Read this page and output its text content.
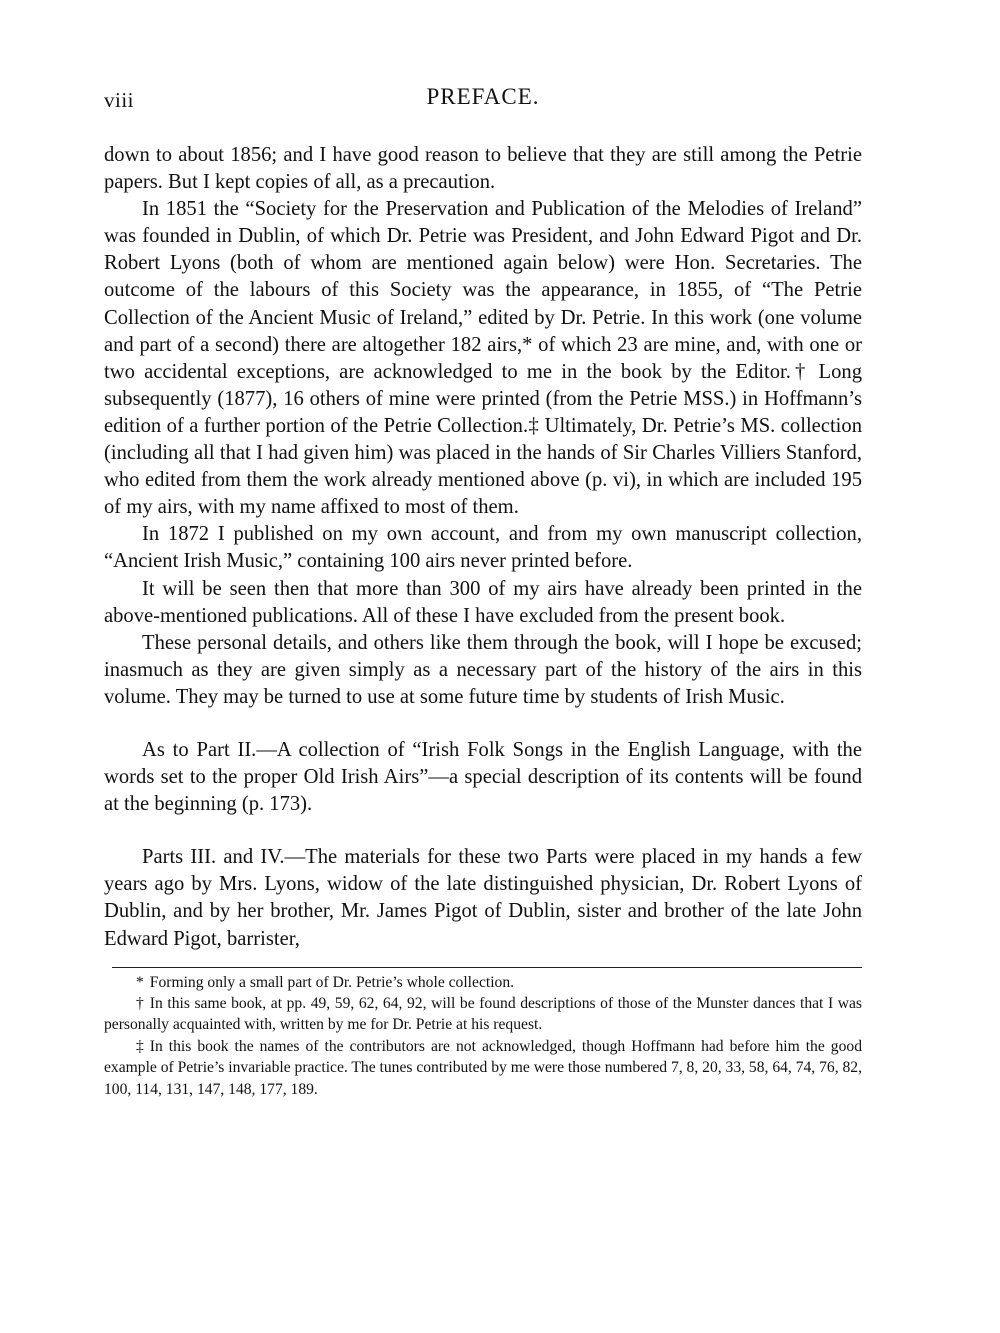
viii	PREFACE.

down to about 1856; and I have good reason to believe that they are still among the Petrie papers. But I kept copies of all, as a precaution.

In 1851 the “Society for the Preservation and Publication of the Melodies of Ireland” was founded in Dublin, of which Dr. Petrie was President, and John Edward Pigot and Dr. Robert Lyons (both of whom are mentioned again below) were Hon. Secretaries. The outcome of the labours of this Society was the appearance, in 1855, of “The Petrie Collection of the Ancient Music of Ireland,” edited by Dr. Petrie. In this work (one volume and part of a second) there are altogether 182 airs,* of which 23 are mine, and, with one or two accidental exceptions, are acknowledged to me in the book by the Editor.† Long subsequently (1877), 16 others of mine were printed (from the Petrie MSS.) in Hoffmann’s edition of a further portion of the Petrie Collection.‡ Ultimately, Dr. Petrie’s MS. collection (including all that I had given him) was placed in the hands of Sir Charles Villiers Stanford, who edited from them the work already mentioned above (p. vi), in which are included 195 of my airs, with my name affixed to most of them.

In 1872 I published on my own account, and from my own manuscript collection, “Ancient Irish Music,” containing 100 airs never printed before.

It will be seen then that more than 300 of my airs have already been printed in the above-mentioned publications. All of these I have excluded from the present book.

These personal details, and others like them through the book, will I hope be excused; inasmuch as they are given simply as a necessary part of the history of the airs in this volume. They may be turned to use at some future time by students of Irish Music.

As to Part II.—A collection of “Irish Folk Songs in the English Language, with the words set to the proper Old Irish Airs”—a special description of its contents will be found at the beginning (p. 173).

Parts III. and IV.—The materials for these two Parts were placed in my hands a few years ago by Mrs. Lyons, widow of the late distinguished physician, Dr. Robert Lyons of Dublin, and by her brother, Mr. James Pigot of Dublin, sister and brother of the late John Edward Pigot, barrister,

* Forming only a small part of Dr. Petrie’s whole collection.

† In this same book, at pp. 49, 59, 62, 64, 92, will be found descriptions of those of the Munster dances that I was personally acquainted with, written by me for Dr. Petrie at his request.

‡ In this book the names of the contributors are not acknowledged, though Hoffmann had before him the good example of Petrie’s invariable practice. The tunes contributed by me were those numbered 7, 8, 20, 33, 58, 64, 74, 76, 82, 100, 114, 131, 147, 148, 177, 189.
